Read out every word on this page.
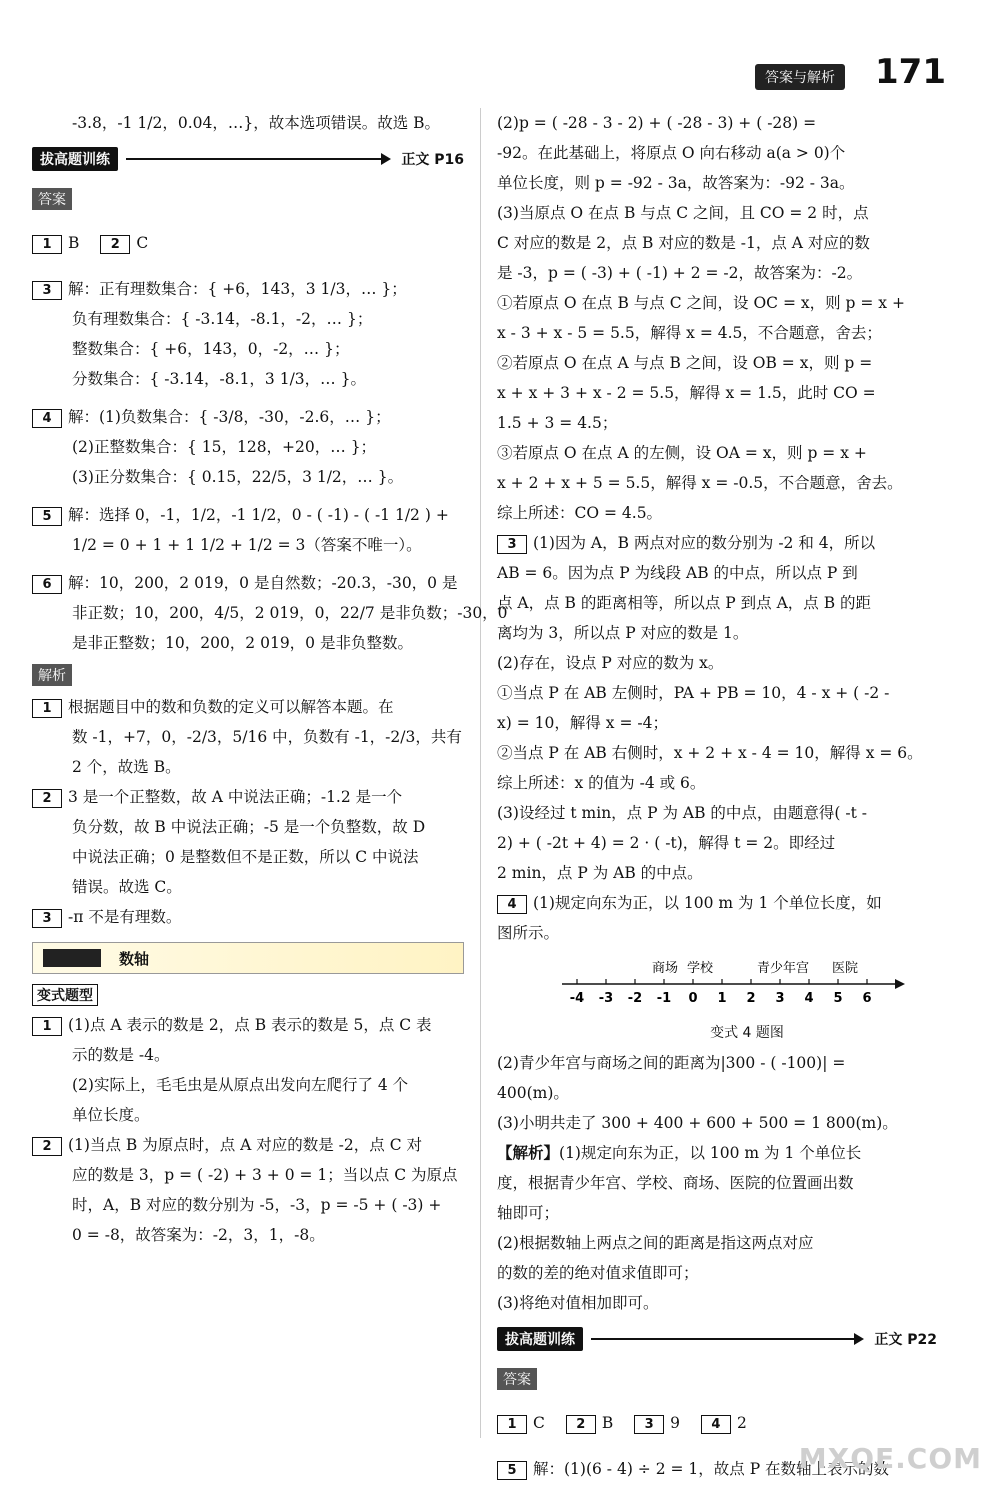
答案与解析 171
-3.8，-1 1/2，0.04，…}，故本选项错误。故选 B。
拔高题训练	正文 P16
答案
1 B 2 C
3 解：正有理数集合：{ +6，143，3 1/3，… }；
负有理数集合：{ -3.14，-8.1，-2，… }；
整数集合：{ +6，143，0，-2，… }；
分数集合：{ -3.14，-8.1，3 1/3，… }。
4 解：(1)负数集合：{ -3/8，-30，-2.6，… }；
(2)正整数集合：{ 15，128，+20，… }；
(3)正分数集合：{ 0.15，22/5，3 1/2，… }。
5 解：选择 0，-1，1/2，-1 1/2，0 - ( -1) - ( -1 1/2 ) +
1/2 = 0 + 1 + 1 1/2 + 1/2 = 3（答案不唯一）。
6 解：10，200，2 019，0 是自然数；-20.3，-30，0 是
非正数；10，200，4/5，2 019，0，22/7 是非负数；-30，0
是非正整数；10，200，2 019，0 是非负整数。
解析
1 根据题目中的数和负数的定义可以解答本题。在
数 -1，+7，0，-2/3，5/16 中，负数有 -1，-2/3，共有
2 个，故选 B。
2 3 是一个正整数，故 A 中说法正确；-1.2 是一个
负分数，故 B 中说法正确；-5 是一个负整数，故 D
中说法正确；0 是整数但不是正数，所以 C 中说法
错误。故选 C。
3 -π 不是有理数。
数轴
变式题型
1 (1)点 A 表示的数是 2，点 B 表示的数是 5，点 C 表
示的数是 -4。
(2)实际上，毛毛虫是从原点出发向左爬行了 4 个
单位长度。
2 (1)当点 B 为原点时，点 A 对应的数是 -2，点 C 对
应的数是 3，p = ( -2) + 3 + 0 = 1；当以点 C 为原点
时，A，B 对应的数分别为 -5，-3，p = -5 + ( -3) +
0 = -8，故答案为：-2，3，1，-8。
(2)p = ( -28 - 3 - 2) + ( -28 - 3) + ( -28) =
-92。在此基础上，将原点 O 向右移动 a(a > 0)个
单位长度，则 p = -92 - 3a，故答案为：-92 - 3a。
(3)当原点 O 在点 B 与点 C 之间，且 CO = 2 时，点
C 对应的数是 2，点 B 对应的数是 -1，点 A 对应的数
是 -3，p = ( -3) + ( -1) + 2 = -2，故答案为：-2。
①若原点 O 在点 B 与点 C 之间，设 OC = x，则 p = x +
x - 3 + x - 5 = 5.5，解得 x = 4.5，不合题意，舍去；
②若原点 O 在点 A 与点 B 之间，设 OB = x，则 p =
x + x + 3 + x - 2 = 5.5，解得 x = 1.5，此时 CO =
1.5 + 3 = 4.5；
③若原点 O 在点 A 的左侧，设 OA = x，则 p = x +
x + 2 + x + 5 = 5.5，解得 x = -0.5，不合题意，舍去。
综上所述：CO = 4.5。
3 (1)因为 A，B 两点对应的数分别为 -2 和 4，所以
AB = 6。因为点 P 为线段 AB 的中点，所以点 P 到
点 A，点 B 的距离相等，所以点 P 到点 A，点 B 的距
离均为 3，所以点 P 对应的数是 1。
(2)存在，设点 P 对应的数为 x。
①当点 P 在 AB 左侧时，PA + PB = 10，4 - x + ( -2 -
x) = 10，解得 x = -4；
②当点 P 在 AB 右侧时，x + 2 + x - 4 = 10，解得 x = 6。
综上所述：x 的值为 -4 或 6。
(3)设经过 t min，点 P 为 AB 的中点，由题意得( -t -
2) + ( -2t + 4) = 2 · ( -t)，解得 t = 2。即经过
2 min，点 P 为 AB 的中点。
4 (1)规定向东为正，以 100 m 为 1 个单位长度，如
图所示。
商场 学校	青少年宫 医院
-4 -3 -2 -1 0 1 2 3 4 5 6
变式 4 题图
(2)青少年宫与商场之间的距离为|300 - ( -100)| =
400(m)。
(3)小明共走了 300 + 400 + 600 + 500 = 1 800(m)。
【解析】(1)规定向东为正，以 100 m 为 1 个单位长
度，根据青少年宫、学校、商场、医院的位置画出数
轴即可；
(2)根据数轴上两点之间的距离是指这两点对应
的数的差的绝对值求值即可；
(3)将绝对值相加即可。
拔高题训练	正文 P22
答案
1 C 2 B 3 9 4 2
5 解：(1)(6 - 4) ÷ 2 = 1，故点 P 在数轴上表示的数
MXQE.COM
